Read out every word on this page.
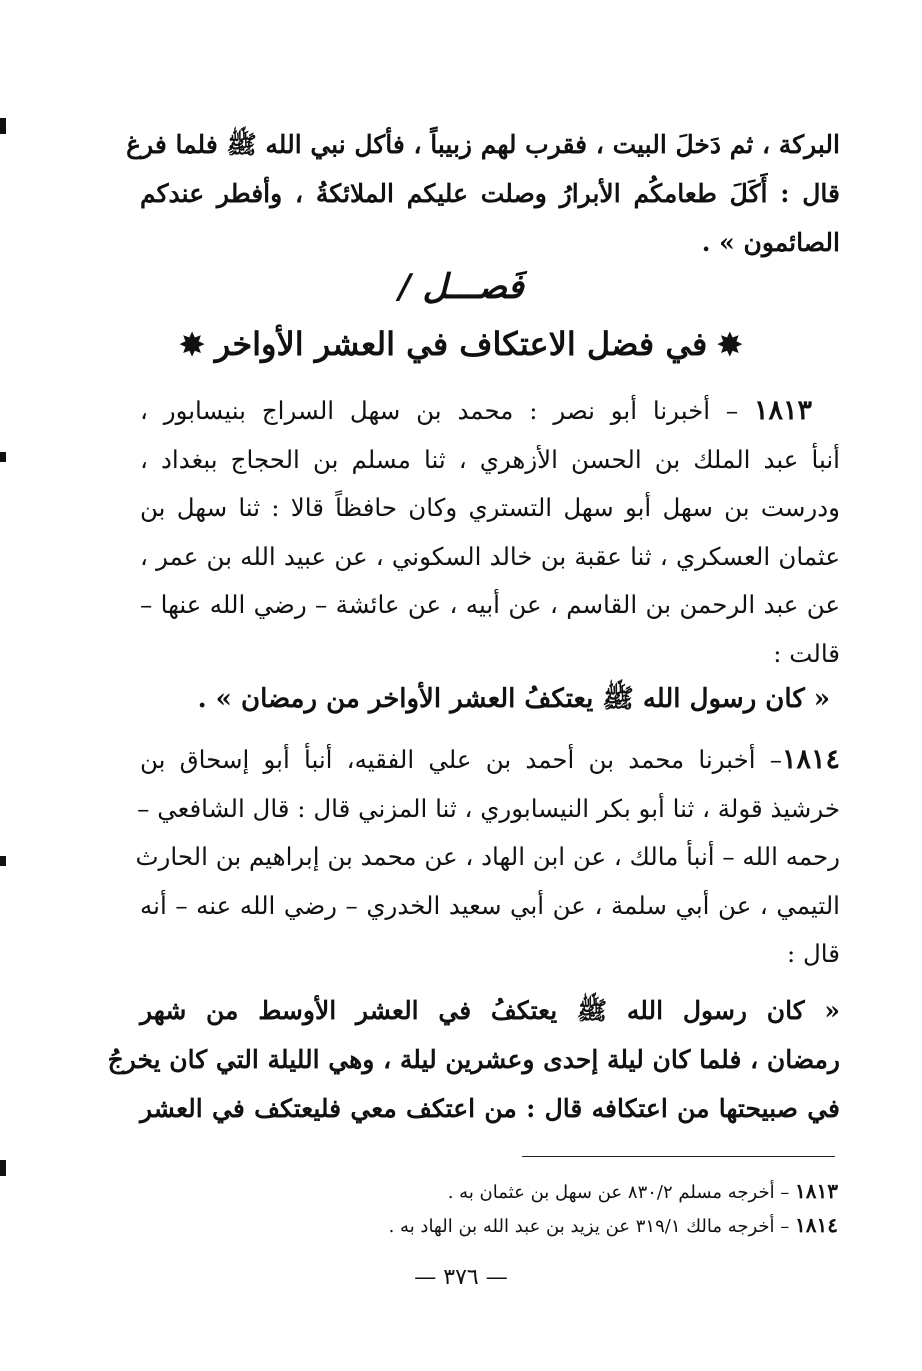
البركة ، ثم دَخلَ البيت ، فقرب لهم زبيباً ، فأكل نبي الله ﷺ فلما فرغ
قال : أَكَلَ طعامكُم الأبرارُ وصلت عليكم الملائكةُ ، وأفطر عندكم
الصائمون » .
فَصـــل /
✸في فضل الاعتكاف في العشر الأواخر✸
١٨١٣ – أخبرنا أبو نصر : محمد بن سهل السراج بنيسابور ،
أنبأ عبد الملك بن الحسن الأزهري ، ثنا مسلم بن الحجاج ببغداد ،
ودرست بن سهل أبو سهل التستري وكان حافظاً قالا : ثنا سهل بن
عثمان العسكري ، ثنا عقبة بن خالد السكوني ، عن عبيد الله بن عمر ،
عن عبد الرحمن بن القاسم ، عن أبيه ، عن عائشة – رضي الله عنها –
قالت :
« كان رسول الله ﷺ يعتكفُ العشر الأواخر من رمضان » .
١٨١٤– أخبرنا محمد بن أحمد بن علي الفقيه، أنبأ أبو إسحاق بن
خرشيذ قولة ، ثنا أبو بكر النيسابوري ، ثنا المزني قال : قال الشافعي –
رحمه الله – أنبأ مالك ، عن ابن الهاد ، عن محمد بن إبراهيم بن الحارث
التيمي ، عن أبي سلمة ، عن أبي سعيد الخدري – رضي الله عنه – أنه
قال :
« كان رسول الله ﷺ يعتكفُ في العشر الأوسط من شهر
رمضان ، فلما كان ليلة إحدى وعشرين ليلة ، وهي الليلة التي كان يخرجُ
في صبيحتها من اعتكافه قال : من اعتكف معي فليعتكف في العشر
١٨١٣ – أخرجه مسلم ٨٣٠/٢ عن سهل بن عثمان به .
١٨١٤ – أخرجه مالك ٣١٩/١ عن يزيد بن عبد الله بن الهاد به .
— ٣٧٦ —
